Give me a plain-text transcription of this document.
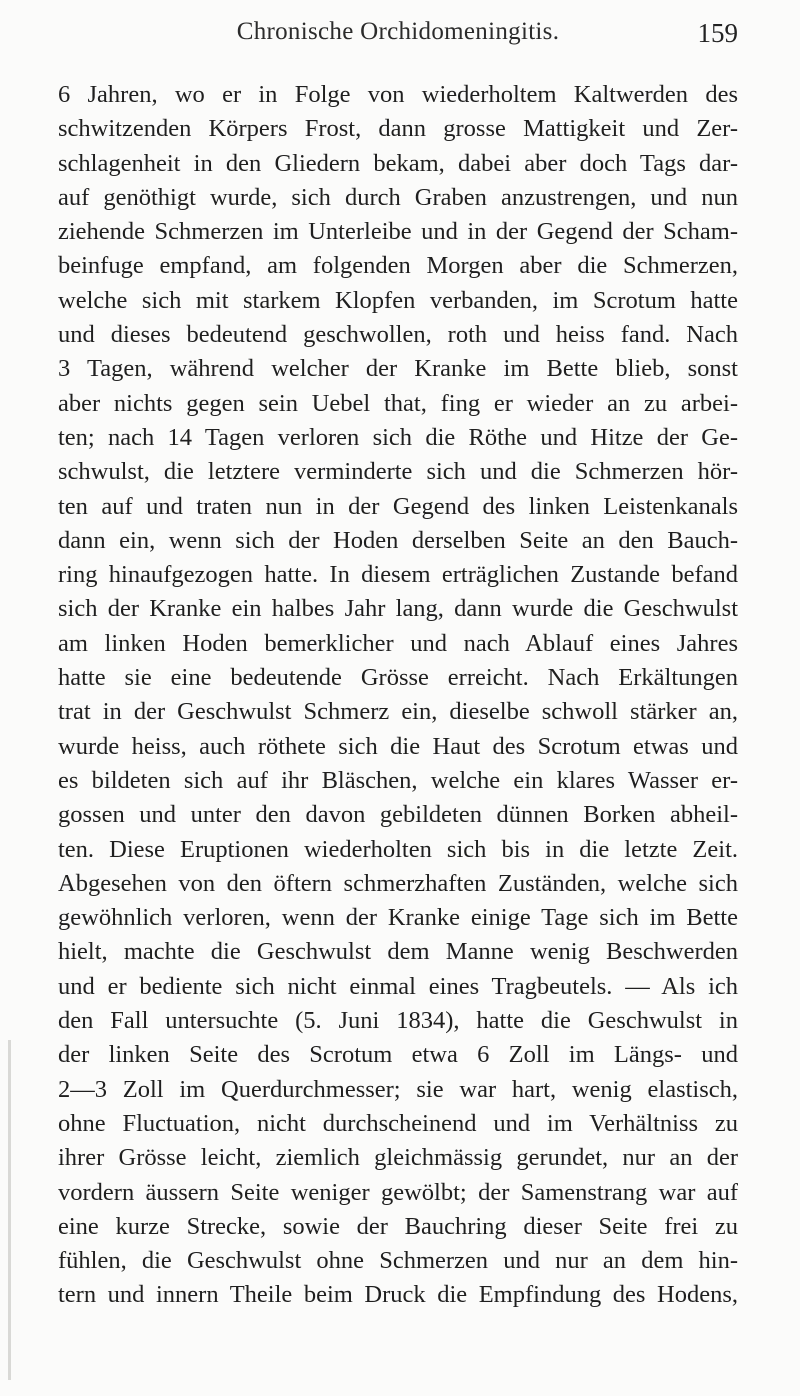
Chronische Orchidomeningitis.	159
6 Jahren, wo er in Folge von wiederholtem Kaltwerden des
schwitzenden Körpers Frost, dann grosse Mattigkeit und Zer-
schlagenheit in den Gliedern bekam, dabei aber doch Tags dar-
auf genöthigt wurde, sich durch Graben anzustrengen, und nun
ziehende Schmerzen im Unterleibe und in der Gegend der Scham-
beinfuge empfand, am folgenden Morgen aber die Schmerzen,
welche sich mit starkem Klopfen verbanden, im Scrotum hatte
und dieses bedeutend geschwollen, roth und heiss fand. Nach
3 Tagen, während welcher der Kranke im Bette blieb, sonst
aber nichts gegen sein Uebel that, fing er wieder an zu arbei-
ten; nach 14 Tagen verloren sich die Röthe und Hitze der Ge-
schwulst, die letztere verminderte sich und die Schmerzen hör-
ten auf und traten nun in der Gegend des linken Leistenkanals
dann ein, wenn sich der Hoden derselben Seite an den Bauch-
ring hinaufgezogen hatte. In diesem erträglichen Zustande befand
sich der Kranke ein halbes Jahr lang, dann wurde die Geschwulst
am linken Hoden bemerklicher und nach Ablauf eines Jahres
hatte sie eine bedeutende Grösse erreicht. Nach Erkältungen
trat in der Geschwulst Schmerz ein, dieselbe schwoll stärker an,
wurde heiss, auch röthete sich die Haut des Scrotum etwas und
es bildeten sich auf ihr Bläschen, welche ein klares Wasser er-
gossen und unter den davon gebildeten dünnen Borken abheil-
ten. Diese Eruptionen wiederholten sich bis in die letzte Zeit.
Abgesehen von den öftern schmerzhaften Zuständen, welche sich
gewöhnlich verloren, wenn der Kranke einige Tage sich im Bette
hielt, machte die Geschwulst dem Manne wenig Beschwerden
und er bediente sich nicht einmal eines Tragbeutels. — Als ich
den Fall untersuchte (5. Juni 1834), hatte die Geschwulst in
der linken Seite des Scrotum etwa 6 Zoll im Längs- und
2—3 Zoll im Querdurchmesser; sie war hart, wenig elastisch,
ohne Fluctuation, nicht durchscheinend und im Verhältniss zu
ihrer Grösse leicht, ziemlich gleichmässig gerundet, nur an der
vordern äussern Seite weniger gewölbt; der Samenstrang war auf
eine kurze Strecke, sowie der Bauchring dieser Seite frei zu
fühlen, die Geschwulst ohne Schmerzen und nur an dem hin-
tern und innern Theile beim Druck die Empfindung des Hodens,
